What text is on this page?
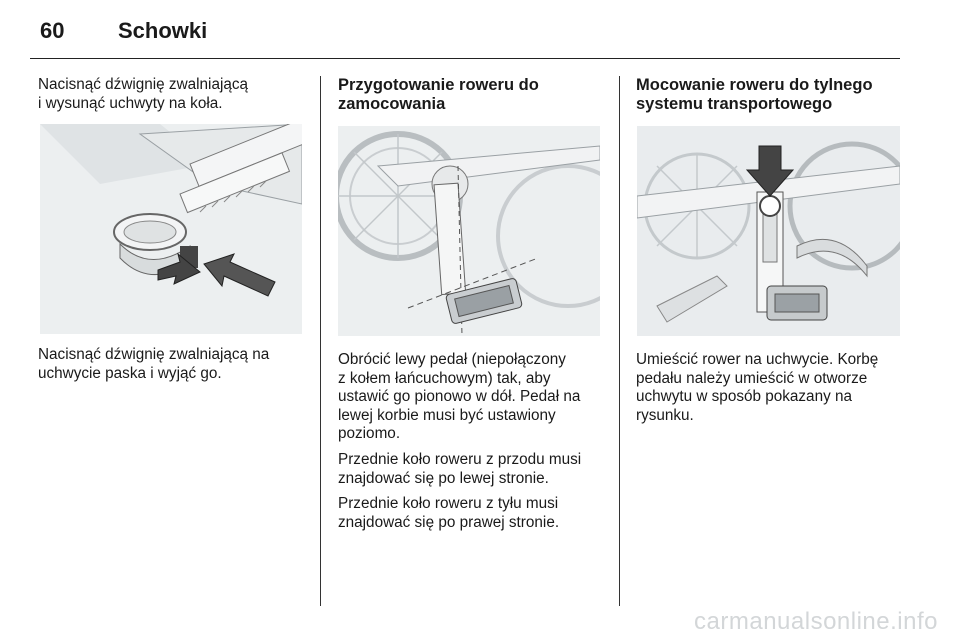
60 Schowki

Nacisnąć dźwignię zwalniającą
i wysunąć uchwyty na koła.

Nacisnąć dźwignię zwalniającą na uchwycie paska i wyjąć go.

Przygotowanie roweru do zamocowania

Obrócić lewy pedał (niepołączony
z kołem łańcuchowym) tak, aby ustawić go pionowo w dół. Pedał na lewej korbie musi być ustawiony poziomo.

Przednie koło roweru z przodu musi znajdować się po lewej stronie.

Przednie koło roweru z tyłu musi znajdować się po prawej stronie.

Mocowanie roweru do tylnego systemu transportowego

Umieścić rower na uchwycie. Korbę pedału należy umieścić w otworze uchwytu w sposób pokazany na rysunku.

carmanualsonline.info
